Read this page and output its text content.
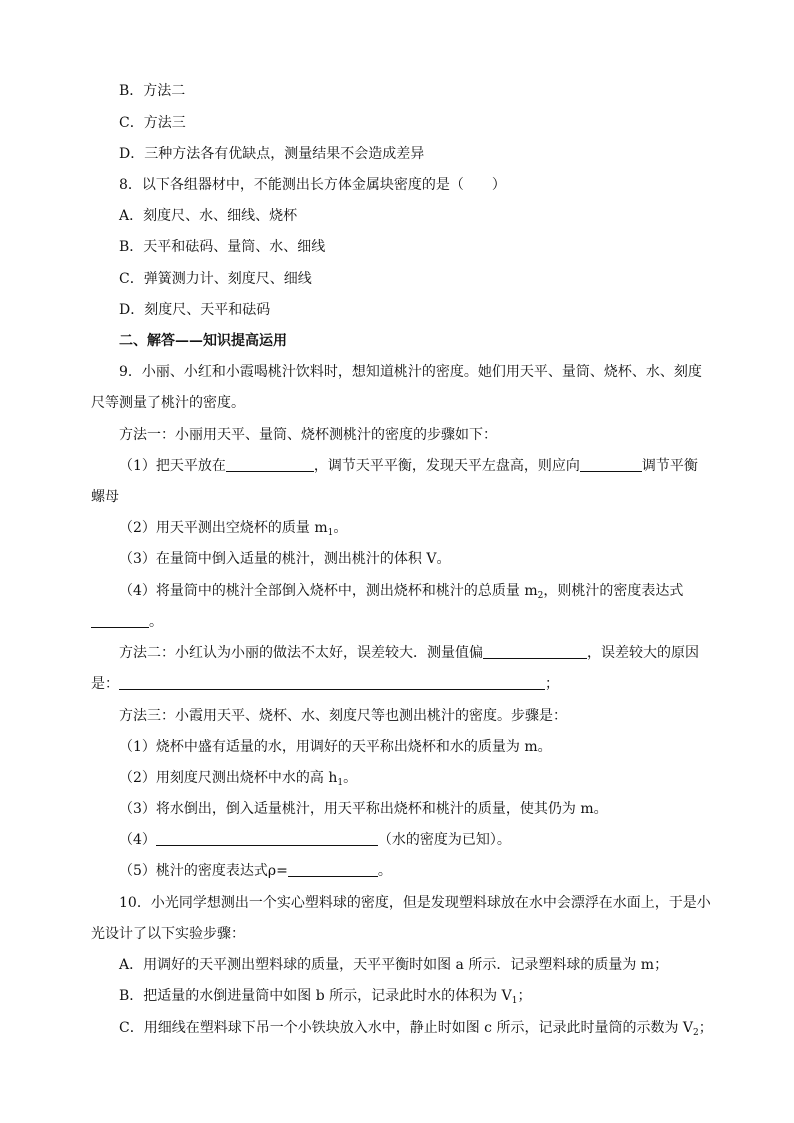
B．方法二
C．方法三
D．三种方法各有优缺点，测量结果不会造成差异
8．以下各组器材中，不能测出长方体金属块密度的是（　　）
A．刻度尺、水、细线、烧杯
B．天平和砝码、量筒、水、细线
C．弹簧测力计、刻度尺、细线
D．刻度尺、天平和砝码
二、解答——知识提高运用
9．小丽、小红和小霞喝桃汁饮料时，想知道桃汁的密度。她们用天平、量筒、烧杯、水、刻度
尺等测量了桃汁的密度。
方法一：小丽用天平、量筒、烧杯测桃汁的密度的步骤如下：
（1）把天平放在	，调节天平平衡，发现天平左盘高，则应向	调节平衡
螺母
（2）用天平测出空烧杯的质量 $m_1$。
（3）在量筒中倒入适量的桃汁，测出桃汁的体积 V。
（4）将量筒中的桃汁全部倒入烧杯中，测出烧杯和桃汁的总质量 $m_2$，则桃汁的密度表达式
。
方法二：小红认为小丽的做法不太好，误差较大．测量值偏	，误差较大的原因
是：	；
方法三：小霞用天平、烧杯、水、刻度尺等也测出桃汁的密度。步骤是：
（1）烧杯中盛有适量的水，用调好的天平称出烧杯和水的质量为 m。
（2）用刻度尺测出烧杯中水的高 $h_1$。
（3）将水倒出，倒入适量桃汁，用天平称出烧杯和桃汁的质量，使其仍为 m。
（4）	（水的密度为已知）。
（5）桃汁的密度表达式ρ=	。
10．小光同学想测出一个实心塑料球的密度，但是发现塑料球放在水中会漂浮在水面上，于是小
光设计了以下实验步骤：
A．用调好的天平测出塑料球的质量，天平平衡时如图 a 所示．记录塑料球的质量为 m；
B．把适量的水倒进量筒中如图 b 所示，记录此时水的体积为 $V_1$；
C．用细线在塑料球下吊一个小铁块放入水中，静止时如图 c 所示，记录此时量筒的示数为 $V_2$；
